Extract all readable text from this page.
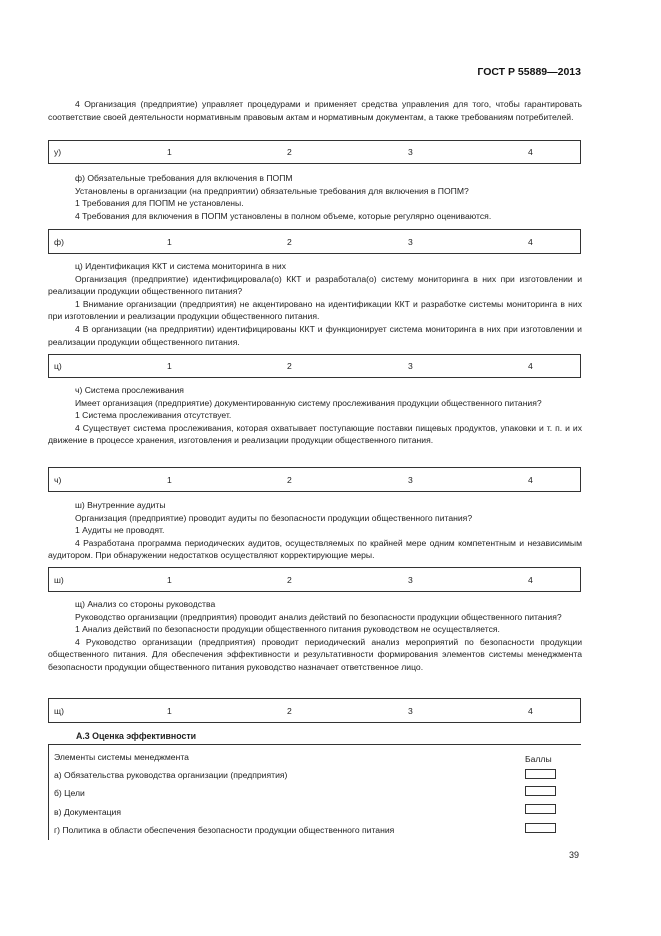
ГОСТ Р 55889—2013

4 Организация (предприятие) управляет процедурами и применяет средства управления для того, чтобы гарантировать соответствие своей деятельности нормативным правовым актам и нормативным документам, а также требованиям потребителей.

у)	1	2	3	4

ф) Обязательные требования для включения в ПОПМ

Установлены в организации (на предприятии) обязательные требования для включения в ПОПМ?

1 Требования для ПОПМ не установлены.

4 Требования для включения в ПОПМ установлены в полном объеме, которые регулярно оцениваются.

ф)	1	2	3	4

ц) Идентификация ККТ и система мониторинга в них

Организация (предприятие) идентифицировала(о) ККТ и разработала(о) систему мониторинга в них при изготовлении и реализации продукции общественного питания?

1 Внимание организации (предприятия) не акцентировано на идентификации ККТ и разработке системы мониторинга в них при изготовлении и реализации продукции общественного питания.

4 В организации (на предприятии) идентифицированы ККТ и функционирует система мониторинга в них при изготовлении и реализации продукции общественного питания.

ц)	1	2	3	4

ч) Система прослеживания

Имеет организация (предприятие) документированную систему прослеживания продукции общественного питания?

1 Система прослеживания отсутствует.

4 Существует система прослеживания, которая охватывает поступающие поставки пищевых продуктов, упаковки и т. п. и их движение в процессе хранения, изготовления и реализации продукции общественного питания.

ч)	1	2	3	4

ш) Внутренние аудиты

Организация (предприятие) проводит аудиты по безопасности продукции общественного питания?

1 Аудиты не проводят.

4 Разработана программа периодических аудитов, осуществляемых по крайней мере одним компетентным и независимым аудитором. При обнаружении недостатков осуществляют корректирующие меры.

ш)	1	2	3	4

щ) Анализ со стороны руководства

Руководство организации (предприятия) проводит анализ действий по безопасности продукции общественного питания?

1 Анализ действий по безопасности продукции общественного питания руководством не осуществляется.

4 Руководство организации (предприятия) проводит периодический анализ мероприятий по безопасности продукции общественного питания. Для обеспечения эффективности и результативности формирования элементов системы менеджмента безопасности продукции общественного питания руководство назначает ответственное лицо.

щ)	1	2	3	4
А.3 Оценка эффективности
Элементы системы менеджмента	Баллы
а) Обязательства руководства организации (предприятия)
б) Цели
в) Документация
г) Политика в области обеспечения безопасности продукции общественного питания
39
